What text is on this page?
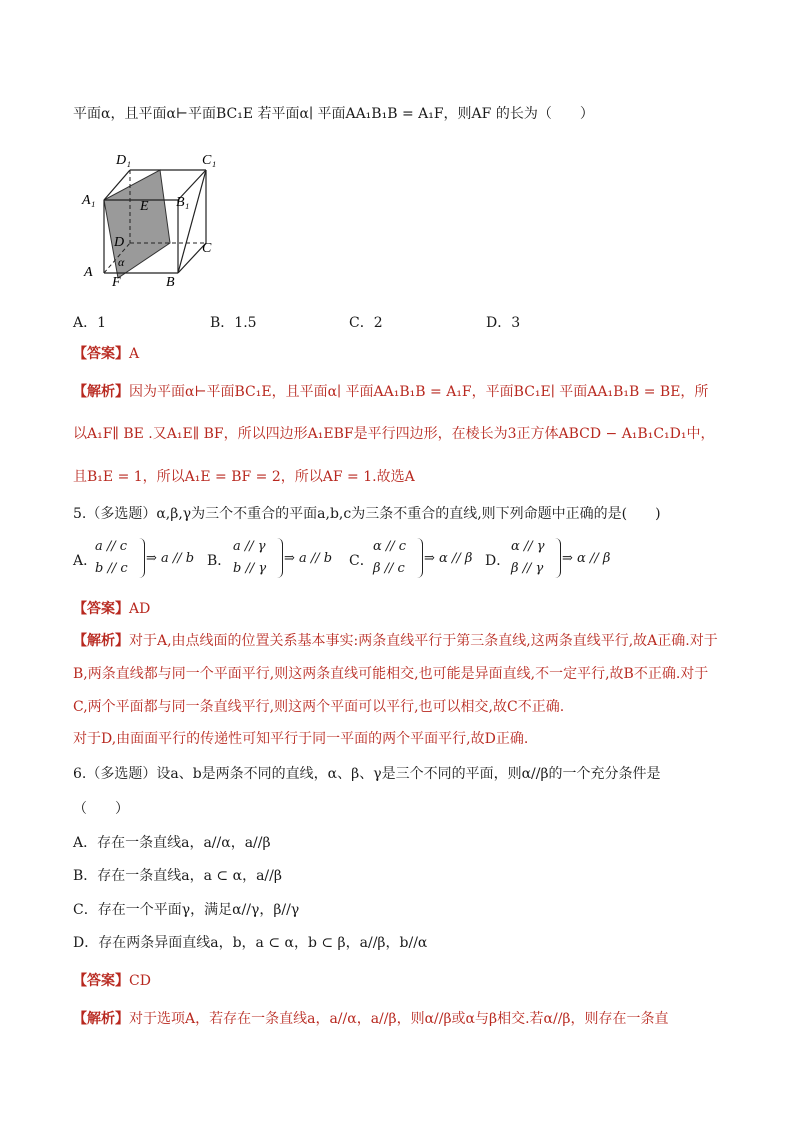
平面α，且平面α⊢平面BC₁E 若平面α∣ 平面AA₁B₁B = A₁F，则AF 的长为（　　）
D₁	C₁
A₁	E B₁
D	C
A
α
F	B
A．1	B．1.5	C．2	D．3
【答案】A
【解析】因为平面α⊢平面BC₁E，且平面α∣ 平面AA₁B₁B = A₁F，平面BC₁E∣ 平面AA₁B₁B = BE，所
以A₁F∥ BE .又A₁E∥ BF，所以四边形A₁EBF是平行四边形，在棱长为3正方体ABCD − A₁B₁C₁D₁中，
且B₁E = 1，所以A₁E = BF = 2，所以AF = 1.故选A
5.（多选题）α,β,γ为三个不重合的平面a,b,c为三条不重合的直线,则下列命题中正确的是(　　)
A．
a // c
b // c
⇒ a // b B．
a // γ
b // γ
⇒ a // b C．
α // c
β // c
⇒ α // β D．
α // γ
β // γ
⇒ α // β
【答案】AD
【解析】对于A,由点线面的位置关系基本事实:两条直线平行于第三条直线,这两条直线平行,故A正确.对于
B,两条直线都与同一个平面平行,则这两条直线可能相交,也可能是异面直线,不一定平行,故B不正确.对于
C,两个平面都与同一条直线平行,则这两个平面可以平行,也可以相交,故C不正确.
对于D,由面面平行的传递性可知平行于同一平面的两个平面平行,故D正确.
6.（多选题）设a、b是两条不同的直线，α、β、γ是三个不同的平面，则α//β的一个充分条件是
（　　）
A．存在一条直线a，a//α，a//β
B．存在一条直线a，a ⊂ α，a//β
C．存在一个平面γ，满足α//γ，β//γ
D．存在两条异面直线a，b，a ⊂ α，b ⊂ β，a//β，b//α
【答案】CD
【解析】对于选项A，若存在一条直线a，a//α，a//β，则α//β或α与β相交.若α//β，则存在一条直
